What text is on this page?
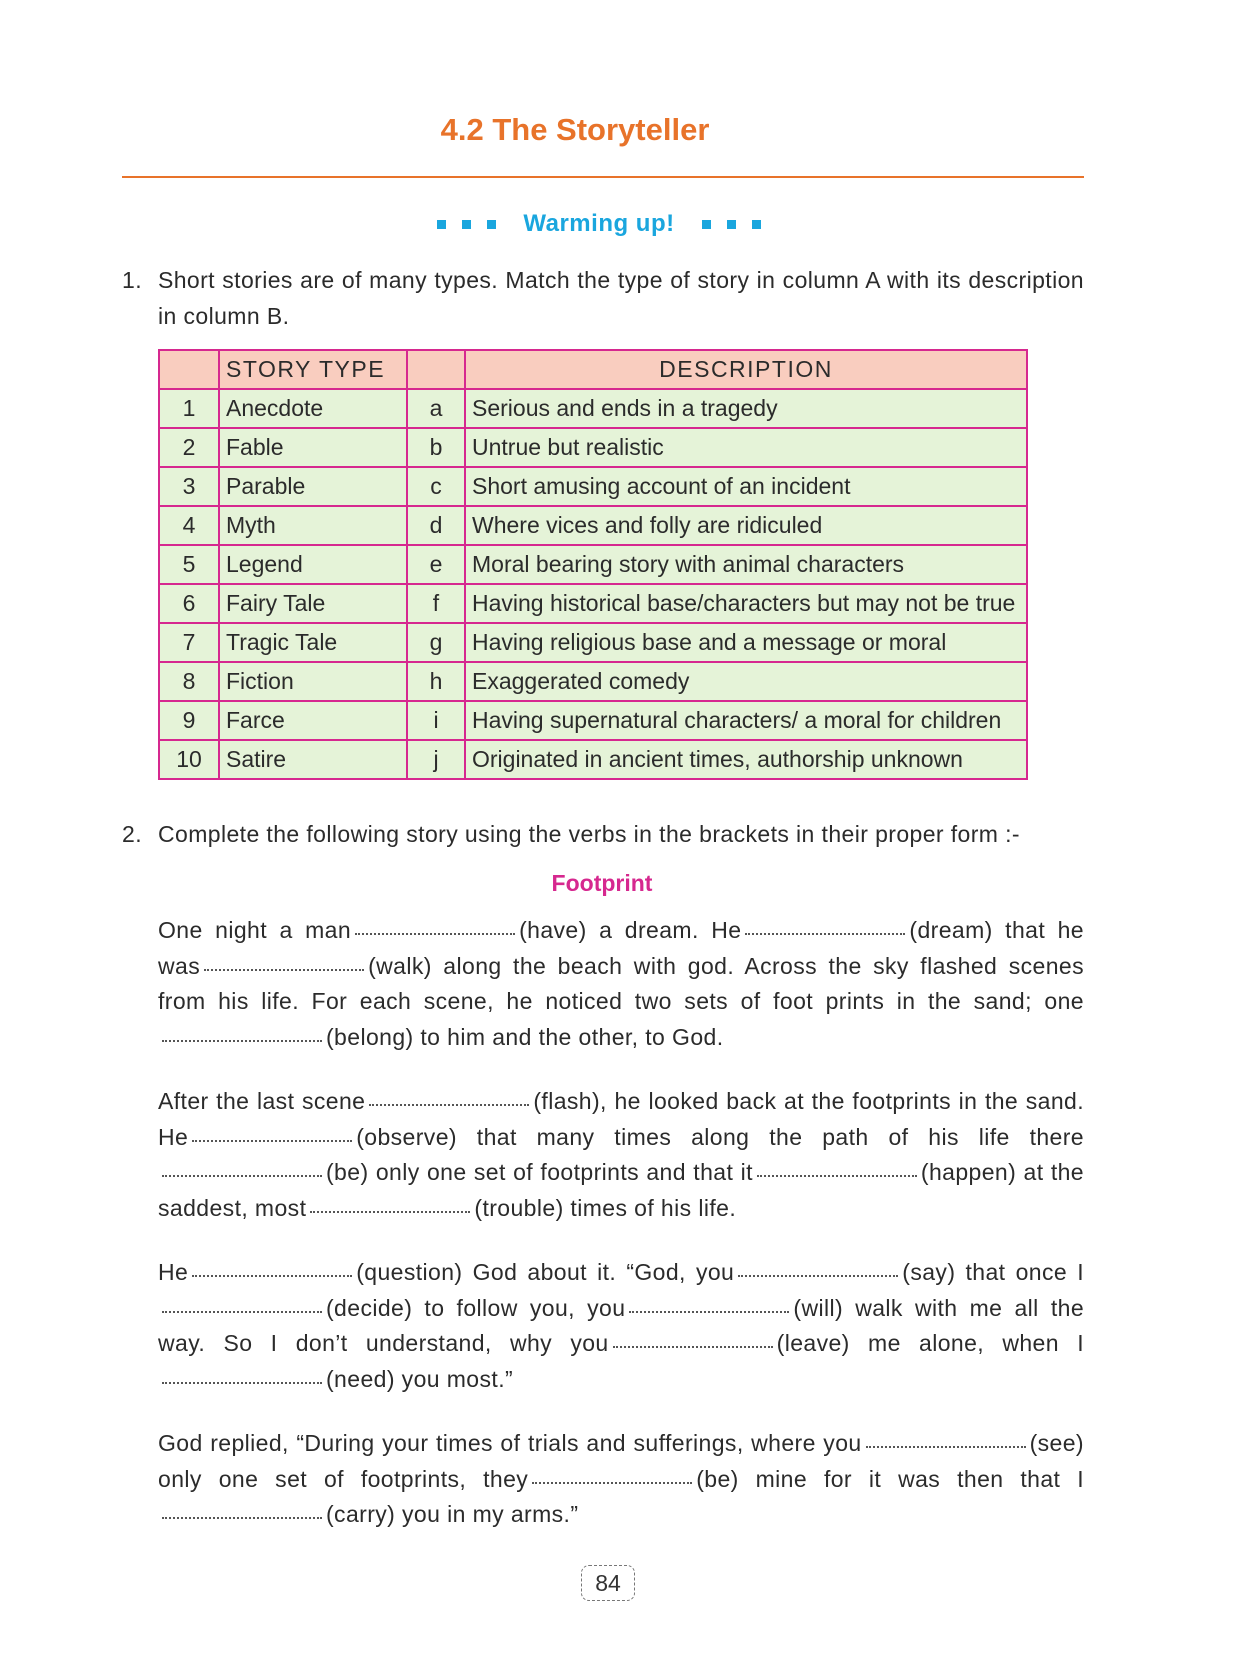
4.2 The Storyteller
Warming up!
1. Short stories are of many types. Match the type of story in column A with its description in column B.
	STORY TYPE		DESCRIPTION
1	Anecdote	a	Serious and ends in a tragedy
2	Fable	b	Untrue but realistic
3	Parable	c	Short amusing account of an incident
4	Myth	d	Where vices and folly are ridiculed
5	Legend	e	Moral bearing story with animal characters
6	Fairy Tale	f	Having historical base/characters but may not be true
7	Tragic Tale	g	Having religious base and a message or moral
8	Fiction	h	Exaggerated comedy
9	Farce	i	Having supernatural characters/ a moral for children
10	Satire	j	Originated in ancient times, authorship unknown
2. Complete the following story using the verbs in the brackets in their proper form :-
Footprint
One night a man	(have) a dream. He	(dream) that he was	(walk) along the beach with god. Across the sky flashed scenes from his life. For each scene, he noticed two sets of foot prints in the sand; one(belong) to him and the other, to God.
After the last scene	(flash), he looked back at the footprints in the sand. He	(observe) that many times along the path of his life there(be) only one set of footprints and that it	(happen) at the saddest, most	(trouble) times of his life.
He	(question) God about it. “God, you	(say) that once I(decide) to follow you, you	(will) walk with me all the way. So I don’t understand, why you	(leave) me alone, when I(need) you most.”
God replied, “During your times of trials and sufferings, where you	(see) only one set of footprints, they	(be) mine for it was then that I(carry) you in my arms.”
84
